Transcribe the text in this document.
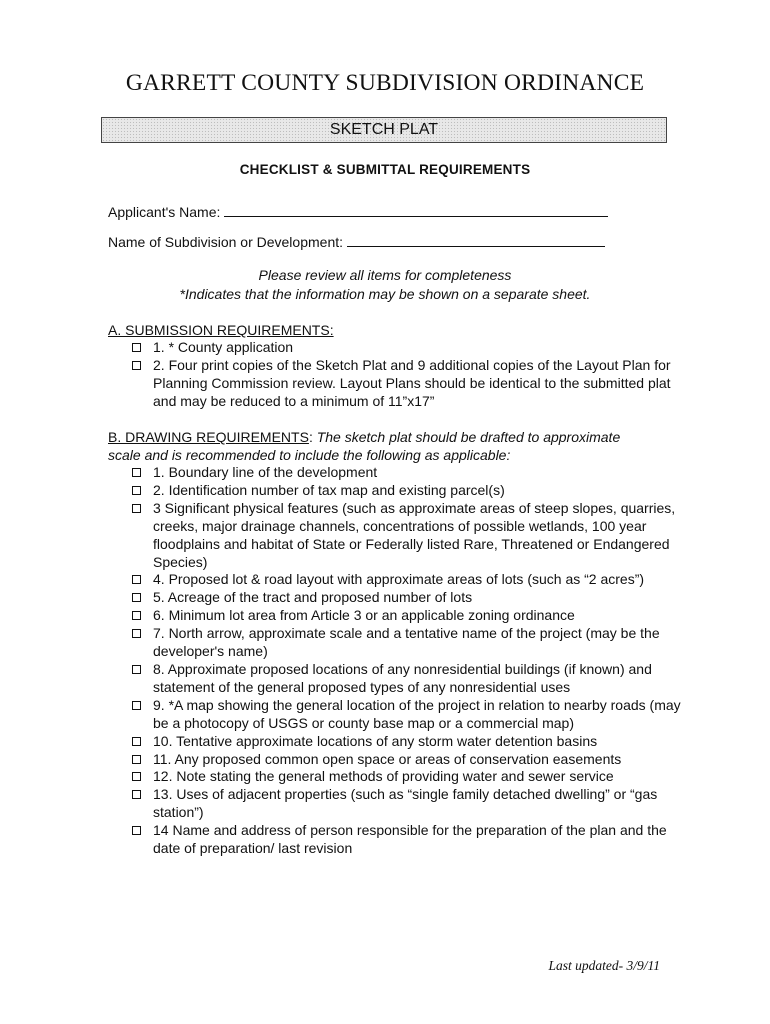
GARRETT COUNTY SUBDIVISION ORDINANCE
SKETCH PLAT
CHECKLIST & SUBMITTAL REQUIREMENTS
Applicant's Name:
Name of Subdivision or Development:
Please review all items for completeness
*Indicates that the information may be shown on a separate sheet.
A. SUBMISSION REQUIREMENTS:
1. * County application
2. Four print copies of the Sketch Plat and 9 additional copies of the Layout Plan for Planning Commission review. Layout Plans should be identical to the submitted plat and may be reduced to a minimum of 11”x17”
B. DRAWING REQUIREMENTS: The sketch plat should be drafted to approximate scale and is recommended to include the following as applicable:
1. Boundary line of the development
2. Identification number of tax map and existing parcel(s)
3 Significant physical features (such as approximate areas of steep slopes, quarries, creeks, major drainage channels, concentrations of possible wetlands, 100 year floodplains and habitat of State or Federally listed Rare, Threatened or Endangered Species)
4. Proposed lot & road layout with approximate areas of lots (such as “2 acres”)
5. Acreage of the tract and proposed number of lots
6. Minimum lot area from Article 3 or an applicable zoning ordinance
7. North arrow, approximate scale and a tentative name of the project (may be the developer's name)
8. Approximate proposed locations of any nonresidential buildings (if known) and statement of the general proposed types of any nonresidential uses
9. *A map showing the general location of the project in relation to nearby roads (may be a photocopy of USGS or county base map or a commercial map)
10. Tentative approximate locations of any storm water detention basins
11. Any proposed common open space or areas of conservation easements
12. Note stating the general methods of providing water and sewer service
13. Uses of adjacent properties (such as “single family detached dwelling” or “gas station”)
14 Name and address of person responsible for the preparation of the plan and the date of preparation/ last revision
Last updated- 3/9/11
